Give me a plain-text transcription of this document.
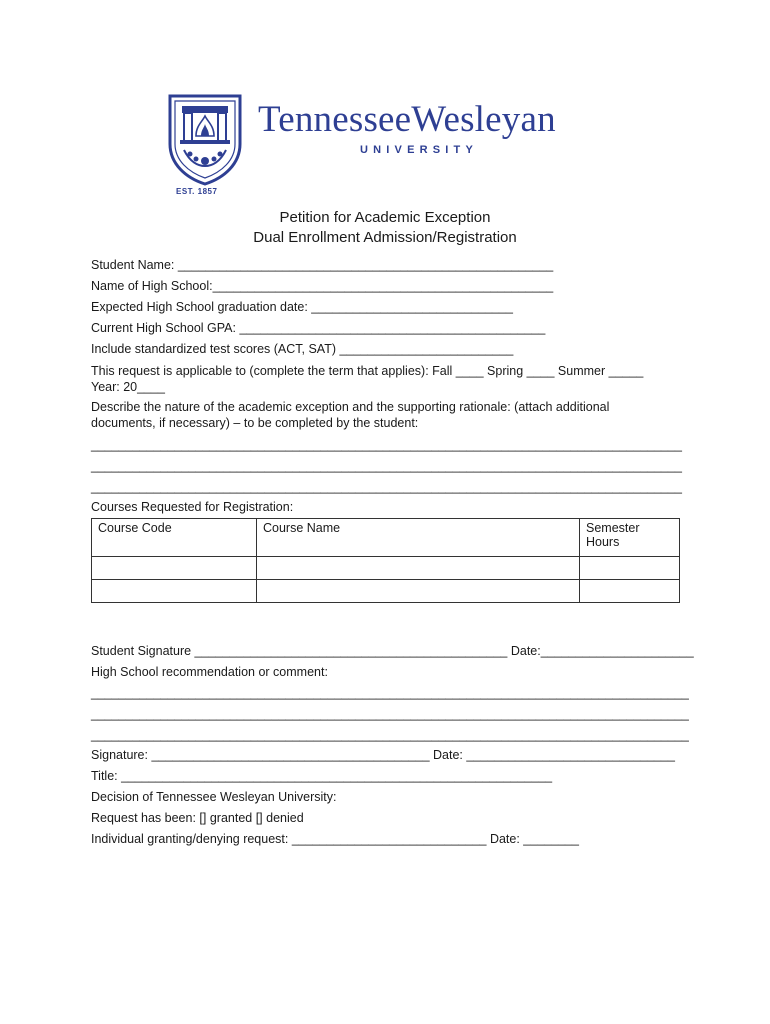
TennesseeWesleyan
UNIVERSITY
EST. 1857
Petition for Academic Exception
Dual Enrollment Admission/Registration
Student Name: ______________________________________________________
Name of High School:_________________________________________________
Expected High School graduation date: _____________________________
Current High School GPA: ____________________________________________
Include standardized test scores (ACT, SAT) _________________________
This request is applicable to (complete the term that applies): Fall ____ Spring ____ Summer _____ Year: 20____
Describe the nature of the academic exception and the supporting rationale: (attach additional documents, if necessary) – to be completed by the student:
_____________________________________________________________________________________
_____________________________________________________________________________________
_____________________________________________________________________________________
Courses Requested for Registration:
Course Code	Course Name	Semester Hours

Student Signature _____________________________________________ Date:______________________
High School recommendation or comment:
______________________________________________________________________________________
______________________________________________________________________________________
______________________________________________________________________________________
Signature: ________________________________________ Date: ______________________________
Title: ______________________________________________________________
Decision of Tennessee Wesleyan University:
Request has been: [] granted [] denied
Individual granting/denying request: ____________________________ Date: ________
